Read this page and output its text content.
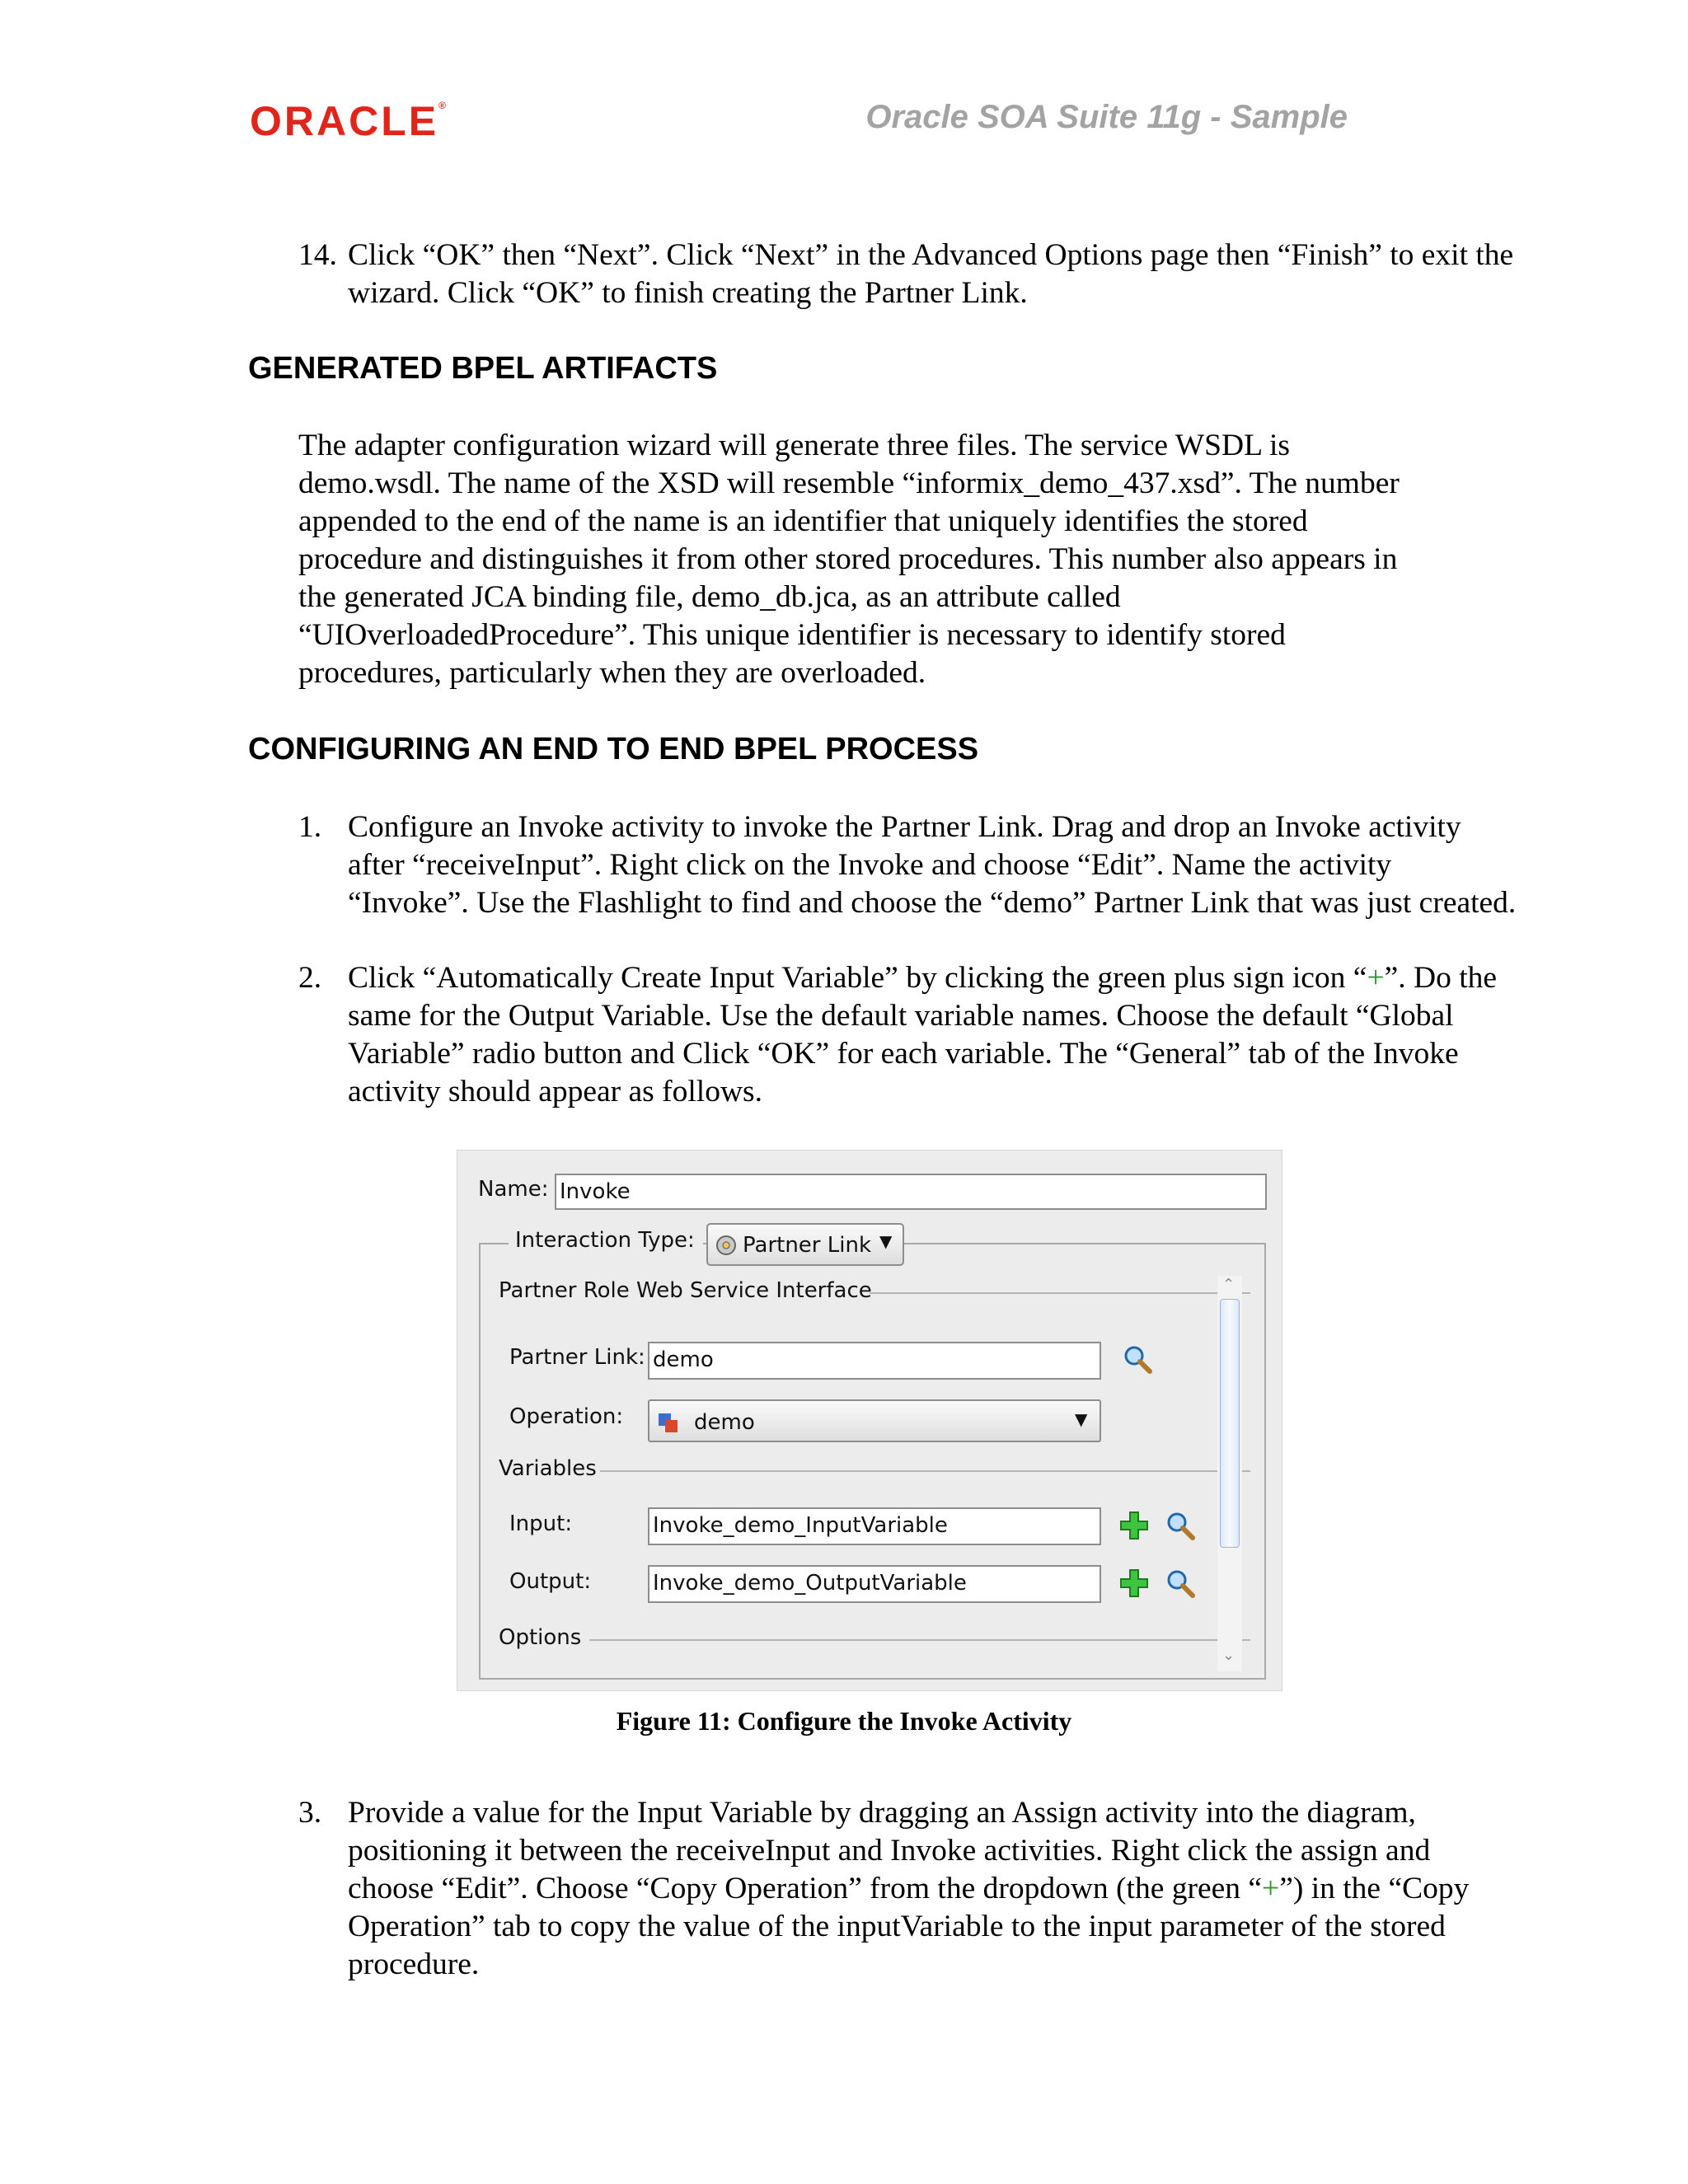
ORACLE®	Oracle SOA Suite 11g - Sample
14. Click “OK” then “Next”. Click “Next” in the Advanced Options page then “Finish” to exit the wizard. Click “OK” to finish creating the Partner Link.
GENERATED BPEL ARTIFACTS
The adapter configuration wizard will generate three files. The service WSDL is demo.wsdl. The name of the XSD will resemble “informix_demo_437.xsd”. The number appended to the end of the name is an identifier that uniquely identifies the stored procedure and distinguishes it from other stored procedures. This number also appears in the generated JCA binding file, demo_db.jca, as an attribute called “UIOverloadedProcedure”. This unique identifier is necessary to identify stored procedures, particularly when they are overloaded.
CONFIGURING AN END TO END BPEL PROCESS
1. Configure an Invoke activity to invoke the Partner Link. Drag and drop an Invoke activity after “receiveInput”. Right click on the Invoke and choose “Edit”. Name the activity “Invoke”. Use the Flashlight to find and choose the “demo” Partner Link that was just created.
2. Click “Automatically Create Input Variable” by clicking the green plus sign icon “+”. Do the same for the Output Variable. Use the default variable names. Choose the default “Global Variable” radio button and Click “OK” for each variable. The “General” tab of the Invoke activity should appear as follows.
Name: Invoke
Interaction Type:	Partner Link ▼
Partner Role Web Service Interface
Partner Link: demo
Operation:	demo	▼
Variables
Input:	Invoke_demo_InputVariable
Output:	Invoke_demo_OutputVariable
Options
⌃
⌄
Figure 11: Configure the Invoke Activity
3. Provide a value for the Input Variable by dragging an Assign activity into the diagram, positioning it between the receiveInput and Invoke activities. Right click the assign and choose “Edit”. Choose “Copy Operation” from the dropdown (the green “+”) in the “Copy Operation” tab to copy the value of the inputVariable to the input parameter of the stored procedure.
